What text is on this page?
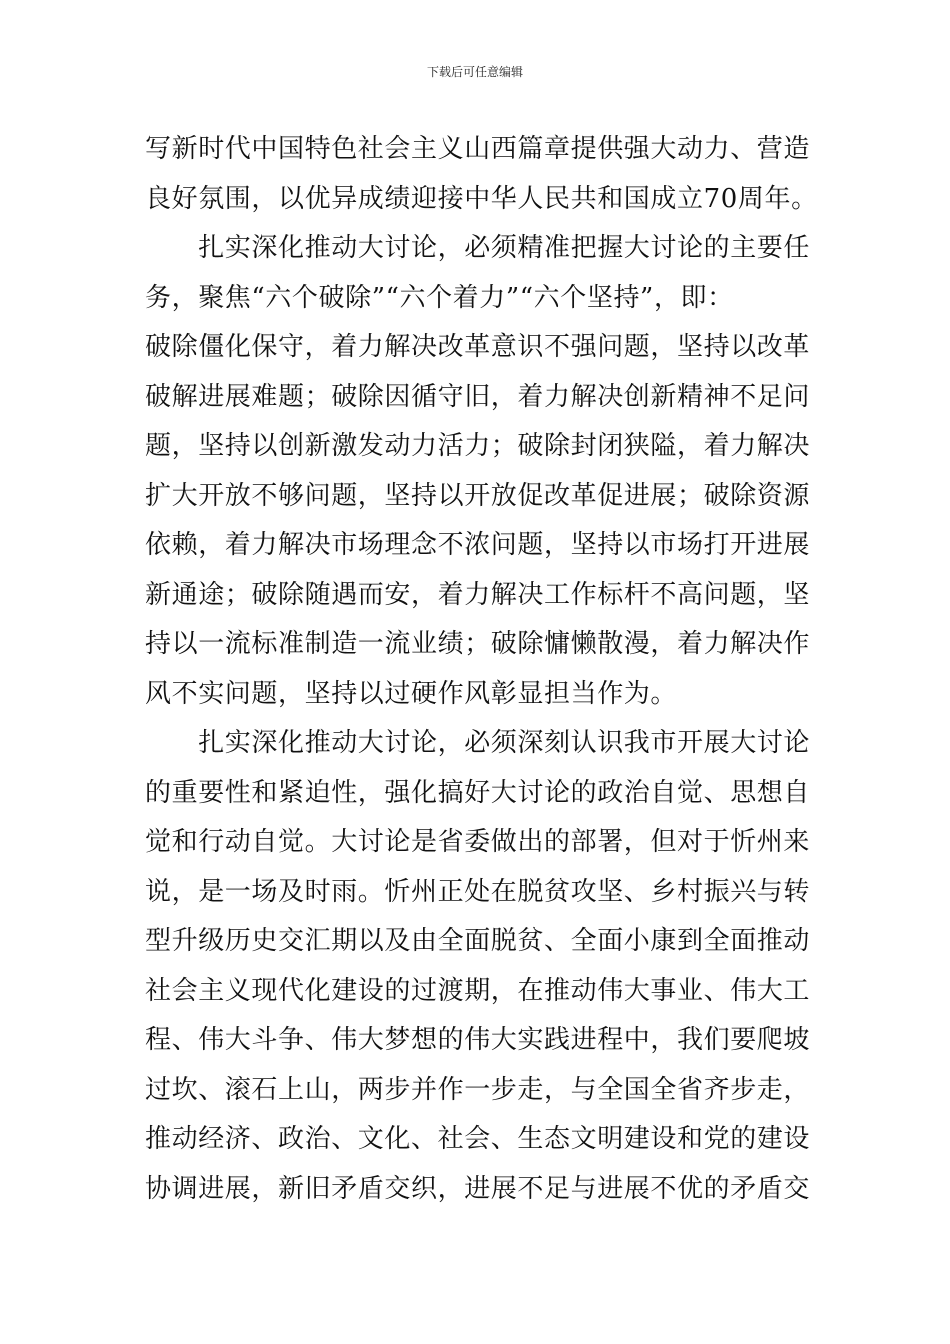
下载后可任意编辑
写新时代中国特色社会主义山西篇章提供强大动力、营造
良好氛围，以优异成绩迎接中华人民共和国成立70周年。
　　扎实深化推动大讨论，必须精准把握大讨论的主要任
务，聚焦“六个破除”“六个着力”“六个坚持”，即：
破除僵化保守，着力解决改革意识不强问题，坚持以改革
破解进展难题；破除因循守旧，着力解决创新精神不足问
题，坚持以创新激发动力活力；破除封闭狭隘，着力解决
扩大开放不够问题，坚持以开放促改革促进展；破除资源
依赖，着力解决市场理念不浓问题，坚持以市场打开进展
新通途；破除随遇而安，着力解决工作标杆不高问题，坚
持以一流标准制造一流业绩；破除慵懒散漫，着力解决作
风不实问题，坚持以过硬作风彰显担当作为。
　　扎实深化推动大讨论，必须深刻认识我市开展大讨论
的重要性和紧迫性，强化搞好大讨论的政治自觉、思想自
觉和行动自觉。大讨论是省委做出的部署，但对于忻州来
说，是一场及时雨。忻州正处在脱贫攻坚、乡村振兴与转
型升级历史交汇期以及由全面脱贫、全面小康到全面推动
社会主义现代化建设的过渡期，在推动伟大事业、伟大工
程、伟大斗争、伟大梦想的伟大实践进程中，我们要爬坡
过坎、滚石上山，两步并作一步走，与全国全省齐步走，
推动经济、政治、文化、社会、生态文明建设和党的建设
协调进展，新旧矛盾交织，进展不足与进展不优的矛盾交
